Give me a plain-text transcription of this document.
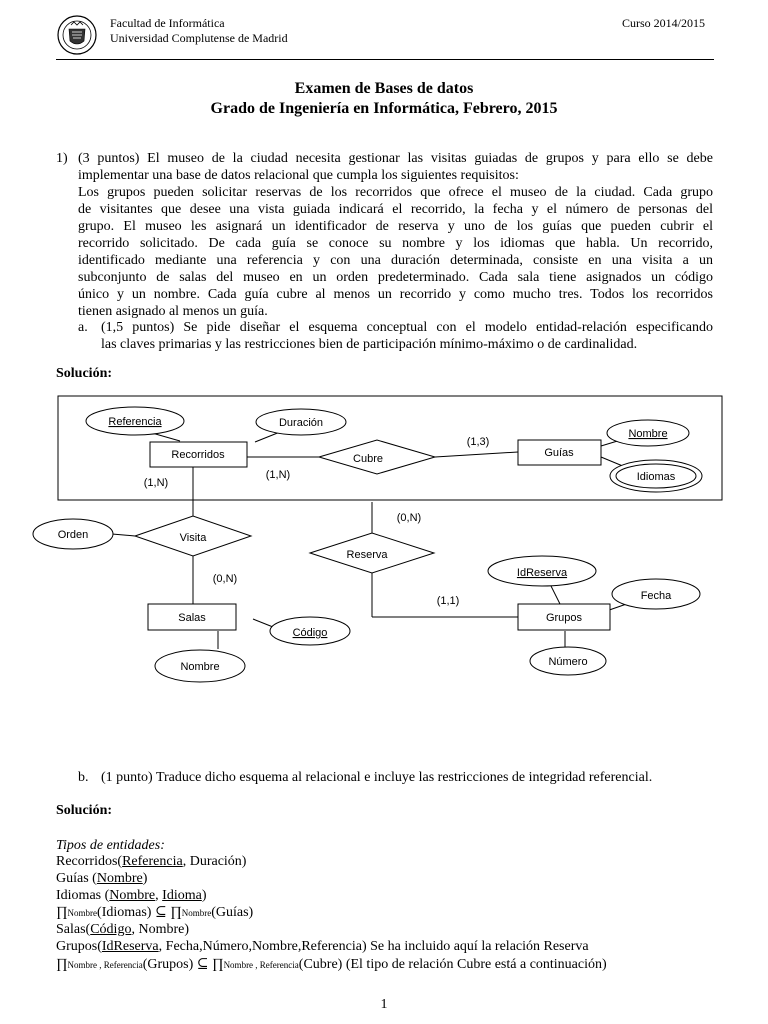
Facultad de Informática
Universidad Complutense de Madrid
Curso 2014/2015
Examen de Bases de datos
Grado de Ingeniería en Informática, Febrero, 2015
1) (3 puntos) El museo de la ciudad necesita gestionar las visitas guiadas de grupos y para ello se debe
implementar una base de datos relacional que cumpla los siguientes requisitos:
Los grupos pueden solicitar reservas de los recorridos que ofrece el museo de la ciudad. Cada grupo
de visitantes que desee una vista guiada indicará el recorrido, la fecha y el número de personas del
grupo. El museo les asignará un identificador de reserva y uno de los guías que pueden cubrir el
recorrido solicitado. De cada guía se conoce su nombre y los idiomas que habla. Un recorrido,
identificado mediante una referencia y con una duración determinada, consiste en una visita a un
subconjunto de salas del museo en un orden predeterminado. Cada sala tiene asignados un código
único y un nombre. Cada guía cubre al menos un recorrido y como mucho tres. Todos los recorridos
tienen asignado al menos un guía.
a. (1,5 puntos) Se pide diseñar el esquema conceptual con el modelo entidad-relación especificando
las claves primarias y las restricciones bien de participación mínimo-máximo o de cardinalidad.
Solución:
Recorridos	Guías
Salas	Grupos
Cubre
Visita
Reserva
Referencia	Duración
Nombre
Idiomas
Orden
Código
Nombre
IdReserva
Fecha
Número
(1,N)
(1,3)
(1,N)
(0,N)
(0,N)
(1,1)
b. (1 punto) Traduce dicho esquema al relacional e incluye las restricciones de integridad referencial.
Solución:
Tipos de entidades:
Recorridos(Referencia, Duración)
Guías (Nombre)
Idiomas (Nombre, Idioma)
∏Nombre(Idiomas) ⊆ ∏Nombre(Guías)
Salas(Código, Nombre)
Grupos(IdReserva, Fecha,Número,Nombre,Referencia) Se ha incluido aquí la relación Reserva
∏Nombre , Referencia(Grupos) ⊆ ∏Nombre , Referencia(Cubre) (El tipo de relación Cubre está a continuación)
1
